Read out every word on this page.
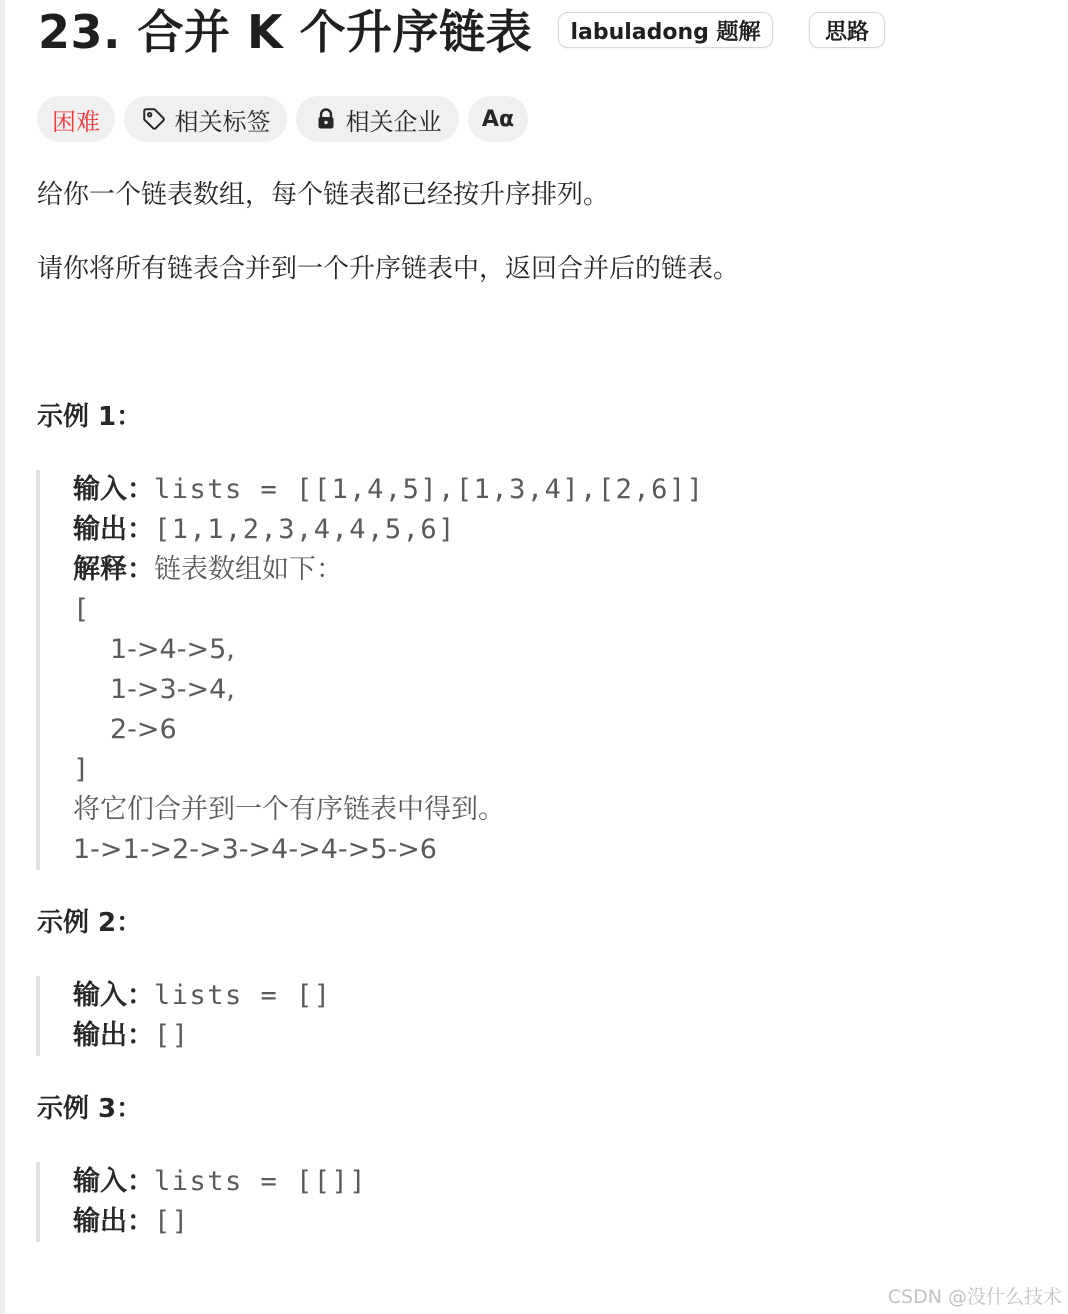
23. 合并 K 个升序链表	labuladong 题解	思路
困难	相关标签	相关企业 Aα
给你一个链表数组，每个链表都已经按升序排列。
请你将所有链表合并到一个升序链表中，返回合并后的链表。
示例 1：
输入：lists = [[1,4,5],[1,3,4],[2,6]]
输出：[1,1,2,3,4,4,5,6]
解释：链表数组如下：
[
1->4->5,
1->3->4,
2->6
]
将它们合并到一个有序链表中得到。
1->1->2->3->4->4->5->6
示例 2：
输入：lists = []
输出：[]
示例 3：
输入：lists = [[]]
输出：[]
CSDN @没什么技术
